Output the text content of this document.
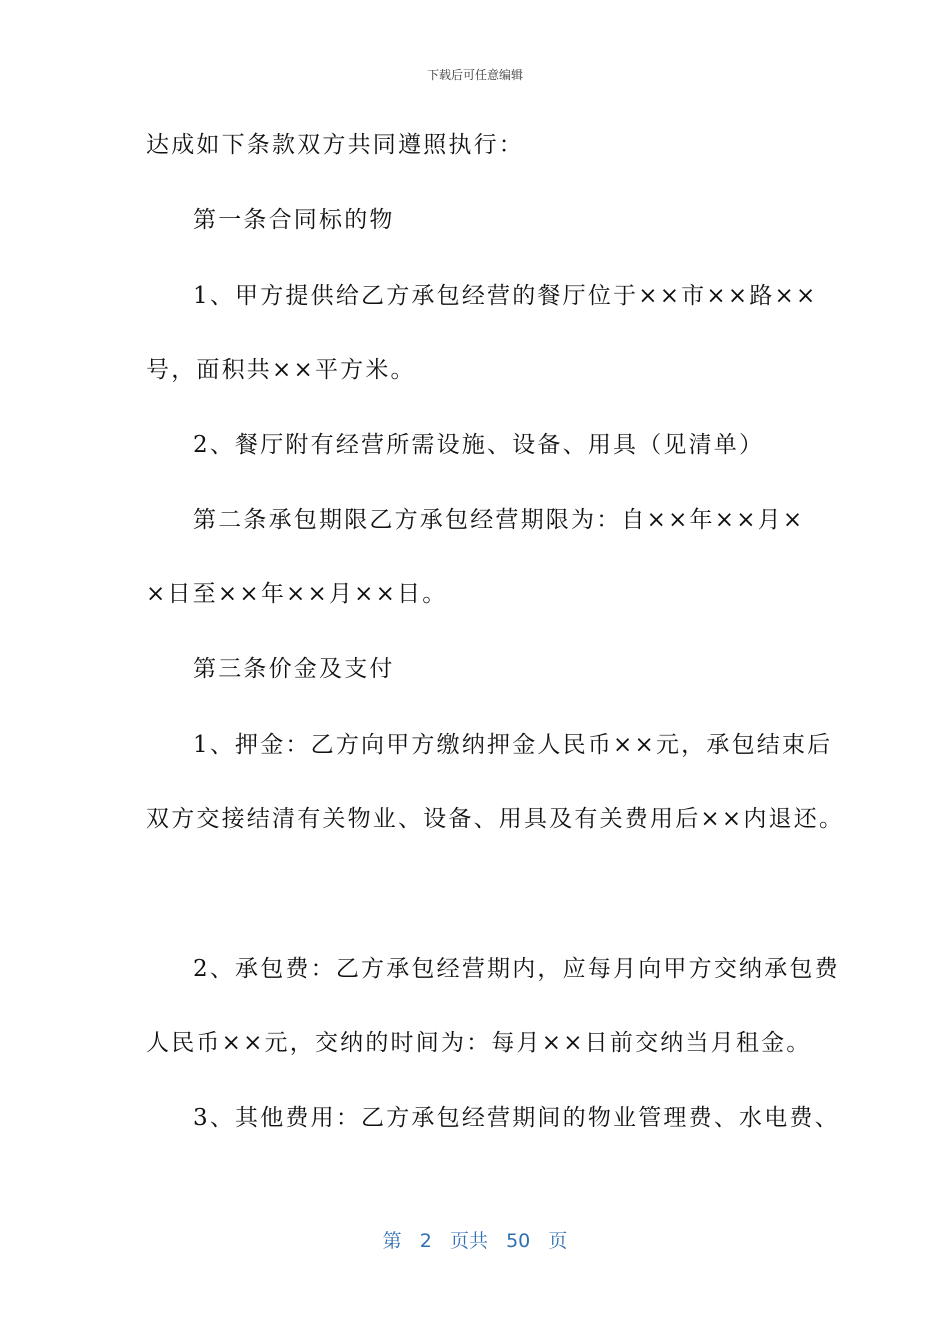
下载后可任意编辑
达成如下条款双方共同遵照执行：
第一条合同标的物
1、甲方提供给乙方承包经营的餐厅位于××市××路××
号，面积共××平方米。
2、餐厅附有经营所需设施、设备、用具（见清单）
第二条承包期限乙方承包经营期限为：自××年××月×
×日至××年××月××日。
第三条价金及支付
1、押金：乙方向甲方缴纳押金人民币××元，承包结束后
双方交接结清有关物业、设备、用具及有关费用后××内退还。
2、承包费：乙方承包经营期内，应每月向甲方交纳承包费
人民币××元，交纳的时间为：每月××日前交纳当月租金。
3、其他费用：乙方承包经营期间的物业管理费、水电费、
第 2 页共 50 页
